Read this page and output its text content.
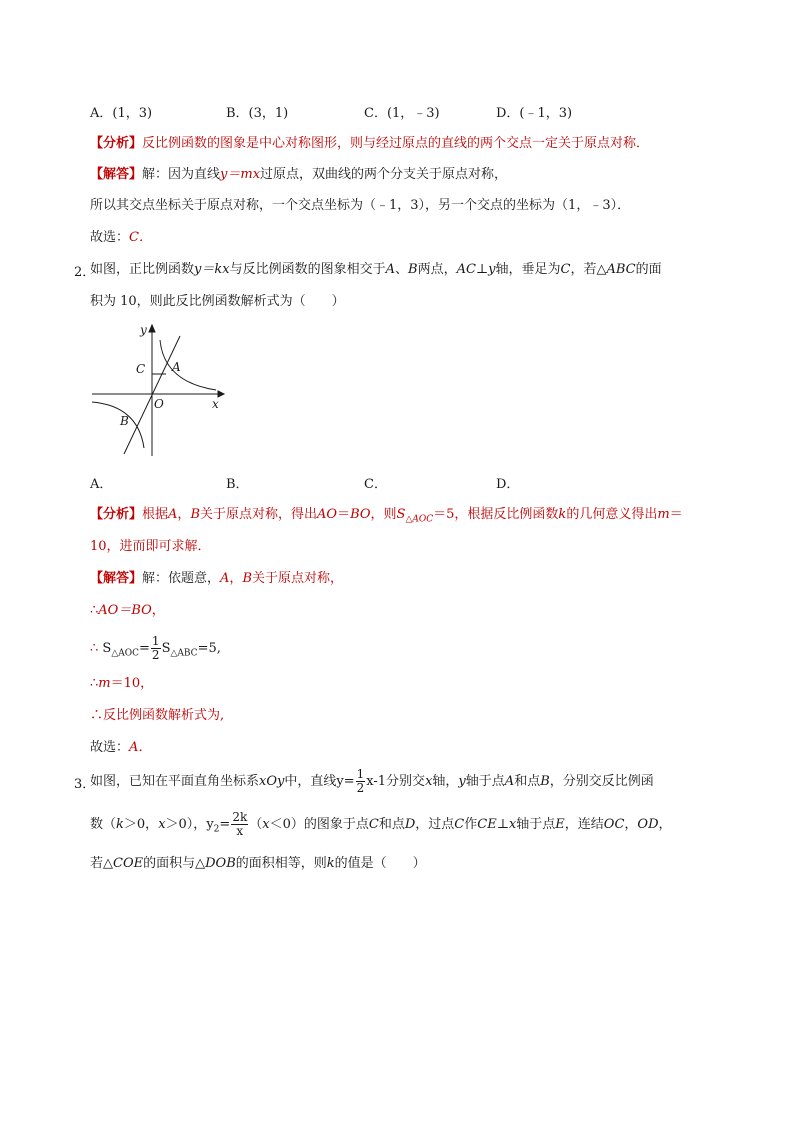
A．(1，3)	B．(3，1)	C．(1，﹣3)	D．(﹣1，3)
【分析】反比例函数的图象是中心对称图形，则与经过原点的直线的两个交点一定关于原点对称．
【解答】解：因为直线y＝mx过原点，双曲线的两个分支关于原点对称，
所以其交点坐标关于原点对称，一个交点坐标为（﹣1，3），另一个交点的坐标为（1，﹣3）．
故选：C．
2．
如图，正比例函数y＝kx与反比例函数的图象相交于A、B两点，AC⊥y轴，垂足为C，若△ABC的面
积为 10，则此反比例函数解析式为（　　）
y
x
C A
O
B
A．	B．	C．	D．
【分析】根据A，B关于原点对称，得出AO＝BO，则$S_{\triangle AOC}=5$，根据反比例函数k的几何意义得出m＝
10，进而即可求解．
【解答】解：依题意，A，B关于原点对称，
∴AO＝BO，
∴ $S_{\triangle AOC}= \frac{1}{2} S_{\triangle ABC}=5$,
∴m＝10，
∴反比例函数解析式为,
故选：A．
3．
如图，已知在平面直角坐标系xOy中，直线$y= \frac{1}{2} x-1$分别交x轴，y轴于点A和点B，分别交反比例函
数（k＞0，x＞0），$y_2= \frac{2k}{x} (x<0)$的图象于点C和点D，过点C作CE⊥x轴于点E，连结OC，OD，
若△COE的面积与△DOB的面积相等，则k的值是（　　）
